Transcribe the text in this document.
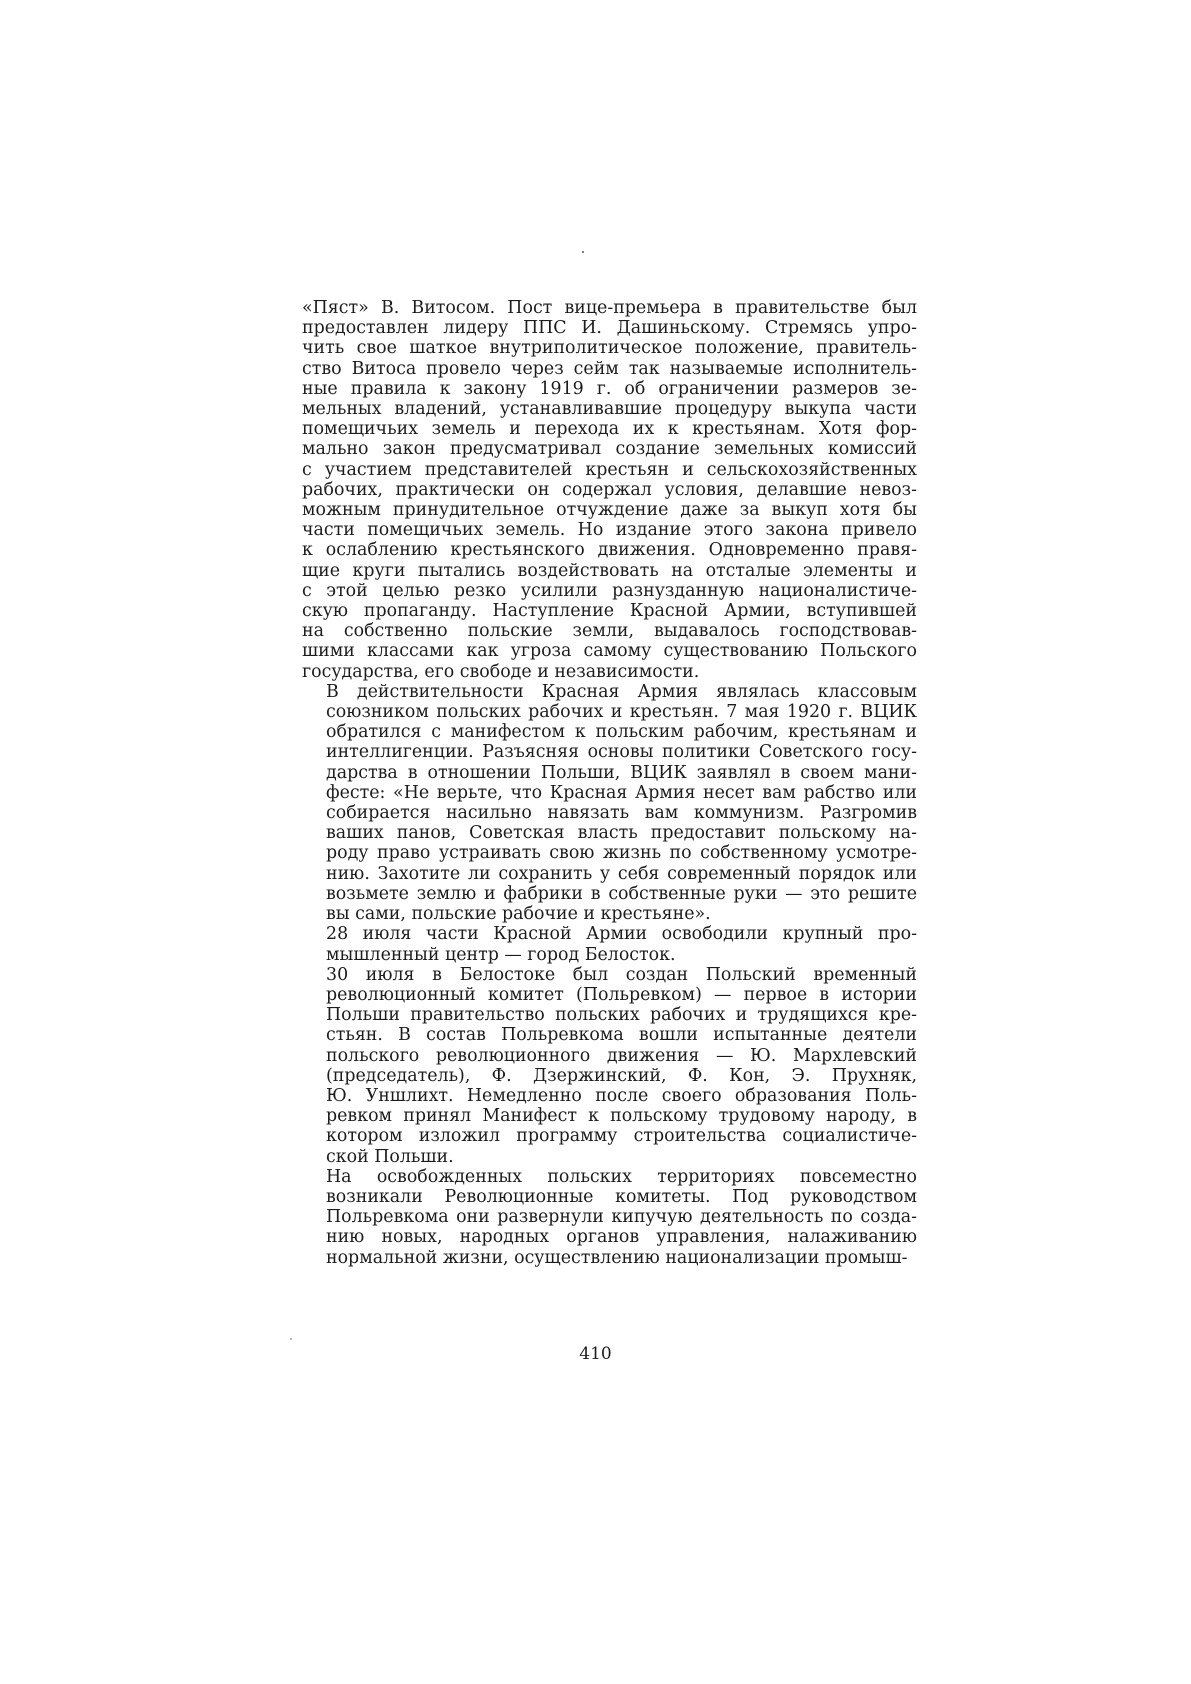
«Пяст» В. Витосом. Пост вице-премьера в правительстве был
предоставлен лидеру ППС И. Дашиньскому. Стремясь упро-
чить свое шаткое внутриполитическое положение, правитель-
ство Витоса провело через сейм так называемые исполнитель-
ные правила к закону 1919 г. об ограничении размеров зе-
мельных владений, устанавливавшие процедуру выкупа части
помещичьих земель и перехода их к крестьянам. Хотя фор-
мально закон предусматривал создание земельных комиссий
с участием представителей крестьян и сельскохозяйственных
рабочих, практически он содержал условия, делавшие невоз-
можным принудительное отчуждение даже за выкуп хотя бы
части помещичьих земель. Но издание этого закона привело
к ослаблению крестьянского движения. Одновременно правя-
щие круги пытались воздействовать на отсталые элементы и
с этой целью резко усилили разнузданную националистиче-
скую пропаганду. Наступление Красной Армии, вступившей
на собственно польские земли, выдавалось господствовав-
шими классами как угроза самому существованию Польского
государства, его свободе и независимости.
В действительности Красная Армия являлась классовым
союзником польских рабочих и крестьян. 7 мая 1920 г. ВЦИК
обратился с манифестом к польским рабочим, крестьянам и
интеллигенции. Разъясняя основы политики Советского госу-
дарства в отношении Польши, ВЦИК заявлял в своем мани-
фесте: «Не верьте, что Красная Армия несет вам рабство или
собирается насильно навязать вам коммунизм. Разгромив
ваших панов, Советская власть предоставит польскому на-
роду право устраивать свою жизнь по собственному усмотре-
нию. Захотите ли сохранить у себя современный порядок или
возьмете землю и фабрики в собственные руки — это решите
вы сами, польские рабочие и крестьяне».
28 июля части Красной Армии освободили крупный про-
мышленный центр — город Белосток.
30 июля в Белостоке был создан Польский временный
революционный комитет (Польревком) — первое в истории
Польши правительство польских рабочих и трудящихся кре-
стьян. В состав Польревкома вошли испытанные деятели
польского революционного движения — Ю. Мархлевский
(председатель), Ф. Дзержинский, Ф. Кон, Э. Прухняк,
Ю. Уншлихт. Немедленно после своего образования Поль-
ревком принял Манифест к польскому трудовому народу, в
котором изложил программу строительства социалистиче-
ской Польши.
На освобожденных польских территориях повсеместно
возникали Революционные комитеты. Под руководством
Польревкома они развернули кипучую деятельность по созда-
нию новых, народных органов управления, налаживанию
нормальной жизни, осуществлению национализации промыш-
410
